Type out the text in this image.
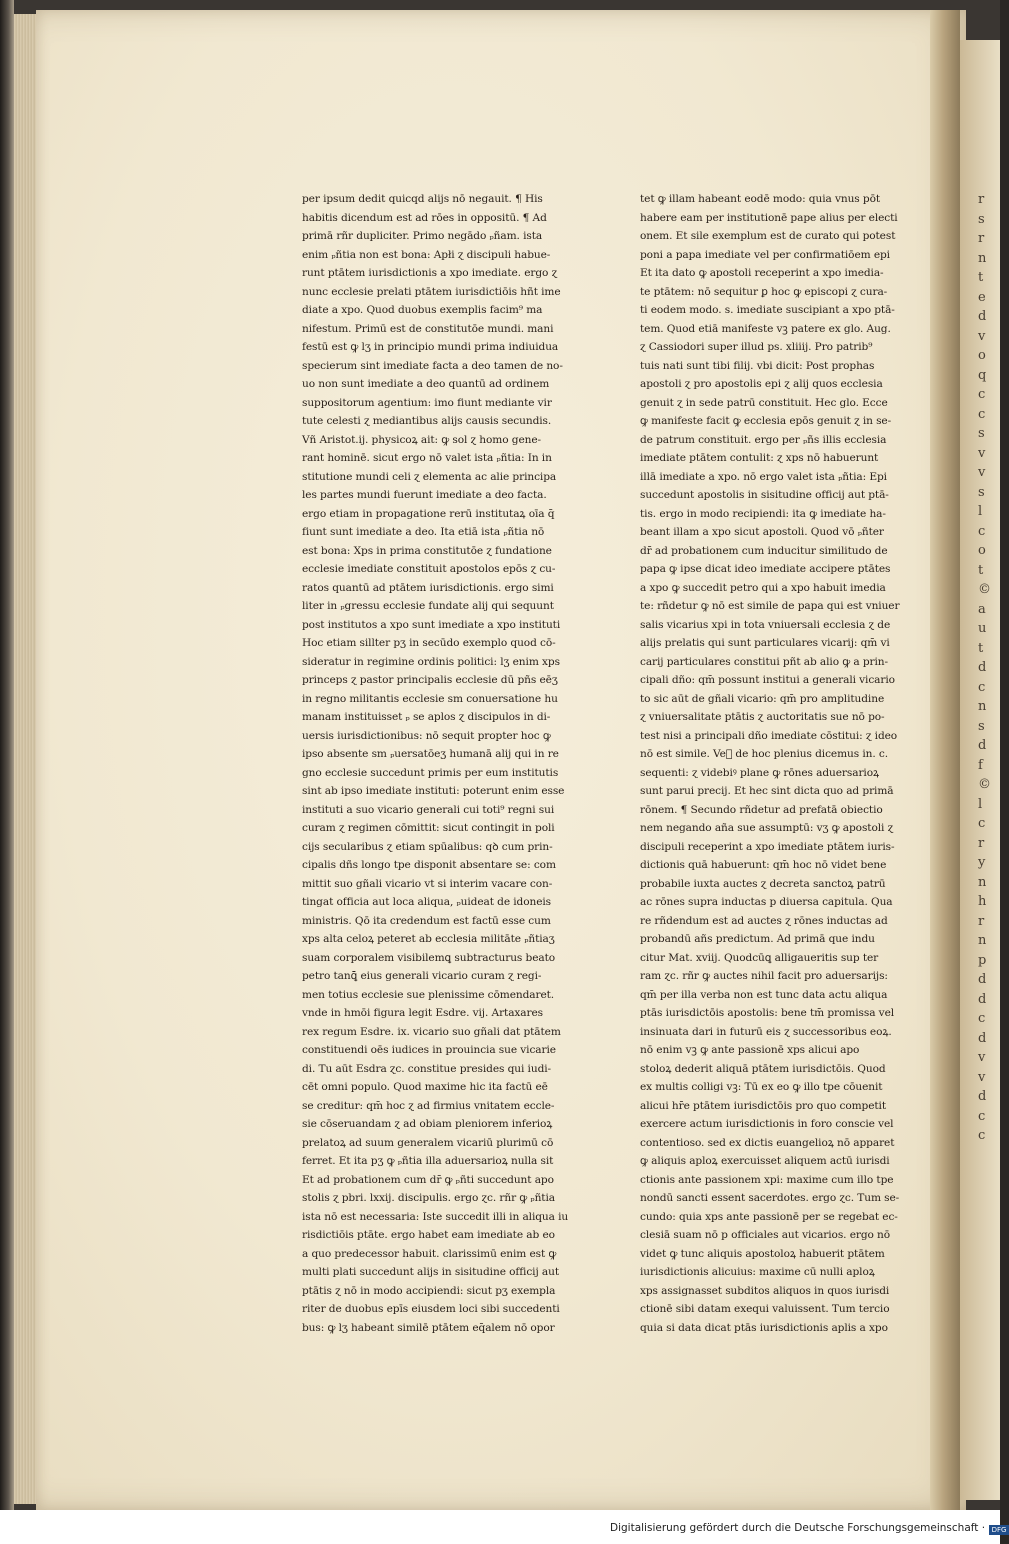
r
s
r
n
t
e
d
v
o
q
c
c
s
v
v
s
l
c
o
t
©
a
u
t
d
c
n
s
d
f
©
l
c
r
y
n
h
r
n
p
d
d
c
d
v
v
d
c
c
per ipsum dedit quicqd alijs nō negauit. ¶ His
habitis dicendum est ad rōes in oppositū. ¶ Ad
primā rñr dupliciter. Primo negādo ₚñam. ista
enim ₚñtia non est bona: Apłi ɀ discipuli habue-
runt ptātem iurisdictionis a xpo imediate. ergo ɀ
nunc ecclesie prelati ptātem iurisdictiōis hñt ime
diate a xpo. Quod duobus exemplis facim⁹ ma
nifestum. Primū est de constitutōe mundi. mani
festū est ꝙ lʒ in principio mundi prima indiuidua
specierum sint imediate facta a deo tamen de no-
uo non sunt imediate a deo quantū ad ordinem
suppositorum agentium: imo fiunt mediante vir
tute celesti ɀ mediantibus alijs causis secundis.
Vñ Aristot.ij. physicoꝝ ait: ꝙ sol ɀ homo gene-
rant hominē. sicut ergo nō valet ista ₚñtia: In in
stitutione mundi celi ɀ elementa ac alie principa
les partes mundi fuerunt imediate a deo facta.
ergo etiam in propagatione rerū institutaꝝ oīa q̄
fiunt sunt imediate a deo. Ita etiā ista ₚñtia nō
est bona: Xps in prima constitutōe ɀ fundatione
ecclesie imediate constituit apostolos epōs ɀ cu-
ratos quantū ad ptātem iurisdictionis. ergo simi
liter in ₚgressu ecclesie fundate alij qui sequunt
post institutos a xpo sunt imediate a xpo instituti
Hoc etiam sillter pʒ in secūdo exemplo quod cō-
sideratur in regimine ordinis politici: lʒ enim xps
princeps ɀ pastor principalis ecclesie dū pñs eēʒ
in regno militantis ecclesie sm conuersatione hu
manam instituisset ₚ se aplos ɀ discipulos in di-
uersis iurisdictionibus: nō sequit propter hoc ꝙ
ipso absente sm ₚuersatōeʒ humanā alij qui in re
gno ecclesie succedunt primis per eum institutis
sint ab ipso imediate instituti: poterunt enim esse
instituti a suo vicario generali cui toti⁹ regni sui
curam ɀ regimen cōmittit: sicut contingit in poli
cijs secularibus ɀ etiam spūalibus: qꝺ cum prin-
cipalis dñs longo tpe disponit absentare se: com
mittit suo gñali vicario vt si interim vacare con-
tingat officia aut loca aliqua, ₚuideat de idoneis
ministris. Qō ita credendum est factū esse cum
xps alta celoꝝ peteret ab ecclesia militāte ₚñtiaʒ
suam corporalem visibilemꝗ subtracturus beato
petro tanꝗ̄ eius generali vicario curam ɀ regi-
men totius ecclesie sue plenissime cōmendaret.
vnde in hmōi figura legit Esdre. vij. Artaxares
rex regum Esdre. ix. vicario suo gñali dat ptātem
constituendi oēs iudices in prouincia sue vicarie
di. Tu aūt Esdra ɀc. constitue presides qui iudi-
cēt omni populo. Quod maxime hic ita factū eē
se creditur: qm̄ hoc ɀ ad firmius vnitatem eccle-
sie cōseruandam ɀ ad obiam pleniorem inferioꝝ
prelatoꝝ ad suum generalem vicariū plurimū cō
ferret. Et ita pʒ ꝙ ₚñtia illa aduersarioꝝ nulla sit
Et ad probationem cum dr̄ ꝙ ₚñti succedunt apo
stolis ɀ pbri. lxxij. discipulis. ergo ɀc. rñr ꝙ ₚñtia
ista nō est necessaria: Iste succedit illi in aliqua iu
risdictiōis ptāte. ergo habet eam imediate ab eo
a quo predecessor habuit. clarissimū enim est ꝙ
multi plati succedunt alijs in sisitudine officij aut
ptātis ɀ nō in modo accipiendi: sicut pʒ exempla
riter de duobus epīs eiusdem loci sibi succedenti
bus: ꝙ lʒ habeant similē ptātem eq̄alem nō opor
tet ꝙ illam habeant eodē modo: quia vnus pōt
habere eam per institutionē pape alius per electi
onem. Et sile exemplum est de curato qui potest
poni a papa imediate vel per confirmatiōem epi
Et ita dato ꝙ apostoli receperint a xpo imedia-
te ptātem: nō sequitur ꝑ hoc ꝙ episcopi ɀ cura-
ti eodem modo. s. imediate suscipiant a xpo ptā-
tem. Quod etiā manifeste vꝫ patere ex glo. Aug.
ɀ Cassiodori super illud ps. xliiij. Pro patrib⁹
tuis nati sunt tibi filij. vbi dicit: Post prophas
apostoli ɀ pro apostolis epi ɀ alij quos ecclesia
genuit ɀ in sede patrū constituit. Hec glo. Ecce
ꝙ manifeste facit ꝙ ecclesia epōs genuit ɀ in se-
de patrum constituit. ergo per ₚñs illis ecclesia
imediate ptātem contulit: ɀ xps nō habuerunt
illā imediate a xpo. nō ergo valet ista ₚñtia: Epi
succedunt apostolis in sisitudine officij aut ptā-
tis. ergo in modo recipiendi: ita ꝙ imediate ha-
beant illam a xpo sicut apostoli. Quod vō ₚñter
dr̄ ad probationem cum inducitur similitudo de
papa ꝙ ipse dicat ideo imediate accipere ptātes
a xpo ꝙ succedit petro qui a xpo habuit imedia
te: rñdetur ꝙ nō est simile de papa qui est vniuer
salis vicarius xpi in tota vniuersali ecclesia ɀ de
alijs prelatis qui sunt particulares vicarij: qm̄ vi
carij particulares constitui pñt ab alio ꝙ a prin-
cipali dño: qm̄ possunt institui a generali vicario
to sic aūt de gñali vicario: qm̄ pro amplitudine
ɀ vniuersalitate ptātis ɀ auctoritatis sue nō po-
test nisi a principali dño imediate cōstitui: ɀ ideo
nō est simile. Ve᷑ de hoc plenius dicemus in. c.
sequenti: ɀ videbiꝰ plane ꝙ rōnes aduersarioꝝ
sunt parui precij. Et hec sint dicta quo ad primā
rōnem. ¶ Secundo rñdetur ad prefatā obiectio
nem negando aña sue assumptū: vʒ ꝙ apostoli ɀ
discipuli receperint a xpo imediate ptātem iuris-
dictionis quā habuerunt: qm̄ hoc nō videt bene
probabile iuxta auctes ɀ decreta sanctoꝝ patrū
ac rōnes supra inductas p diuersa capitula. Qua
re rñdendum est ad auctes ɀ rōnes inductas ad
probandū añs predictum. Ad primā que indu
citur Mat. xviij. Quodcūꝗ alligaueritis sup ter
ram ɀc. rñr ꝙ auctes nihil facit pro aduersarijs:
qm̄ per illa verba non est tunc data actu aliqua
ptās iurisdictōis apostolis: bene tm̄ promissa vel
insinuata dari in futurū eis ɀ successoribus eoꝝ.
nō enim vꝫ ꝙ ante passionē xps alicui apo
stoloꝝ dederit aliquā ptātem iurisdictōis. Quod
ex multis colligi vꝫ: Tū ex eo ꝙ illo tpe cōuenit
alicui hr̄e ptātem iurisdictōis pro quo competit
exercere actum iurisdictionis in foro conscie vel
contentioso. sed ex dictis euangelioꝝ nō apparet
ꝙ aliquis aploꝝ exercuisset aliquem actū iurisdi
ctionis ante passionem xpi: maxime cum illo tpe
nondū sancti essent sacerdotes. ergo ɀc. Tum se-
cundo: quia xps ante passionē per se regebat ec-
clesiā suam nō p officiales aut vicarios. ergo nō
videt ꝙ tunc aliquis apostoloꝝ habuerit ptātem
iurisdictionis alicuius: maxime cū nulli aploꝝ
xps assignasset subditos aliquos in quos iurisdi
ctionē sibi datam exequi valuissent. Tum tercio
quia si data dicat ptās iurisdictionis aplis a xpo
Digitalisierung gefördert durch die Deutsche Forschungsgemeinschaft · DFG
